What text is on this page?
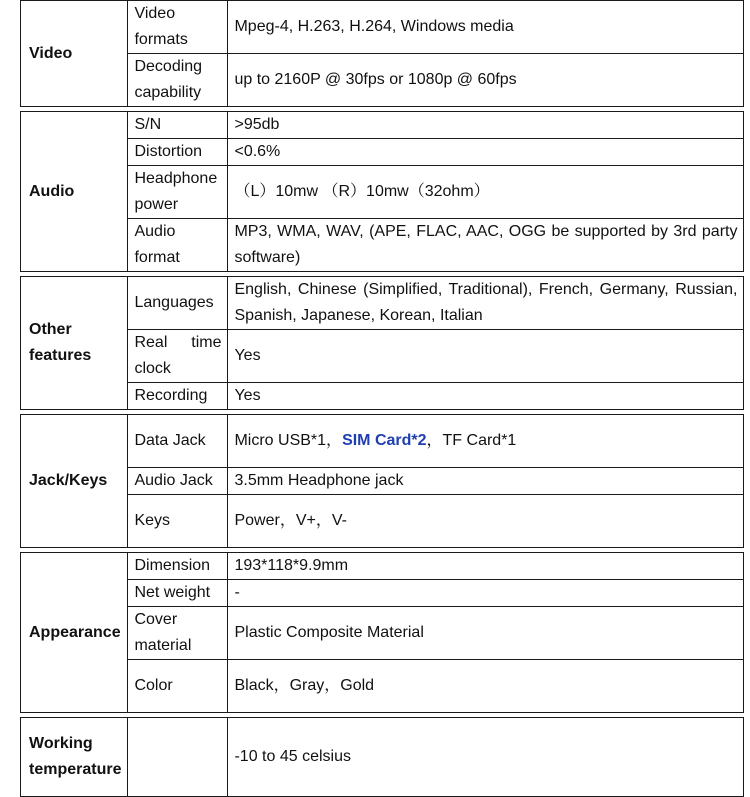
Video	Video formats	Mpeg-4, H.263, H.264, Windows media
	Decoding capability	up to 2160P @ 30fps or 1080p @ 60fps

Audio	S/N	>95db
	Distortion	<0.6%
	Headphone power	（L）10mw （R）10mw（32ohm）
	Audio format	MP3, WMA, WAV, (APE, FLAC, AAC, OGG be supported by 3rd party software)

Other features	Languages	English, Chinese (Simplified, Traditional), French, Germany, Russian, Spanish, Japanese, Korean, Italian
	Real time clock	Yes
	Recording	Yes

Jack/Keys	Data Jack	Micro USB*1，SIM Card*2，TF Card*1
	Audio Jack	3.5mm Headphone jack
	Keys	Power，V+，V-

Appearance	Dimension	193*118*9.9mm
	Net weight	-
	Cover material	Plastic Composite Material
	Color	Black，Gray，Gold

Working temperature		-10 to 45 celsius
